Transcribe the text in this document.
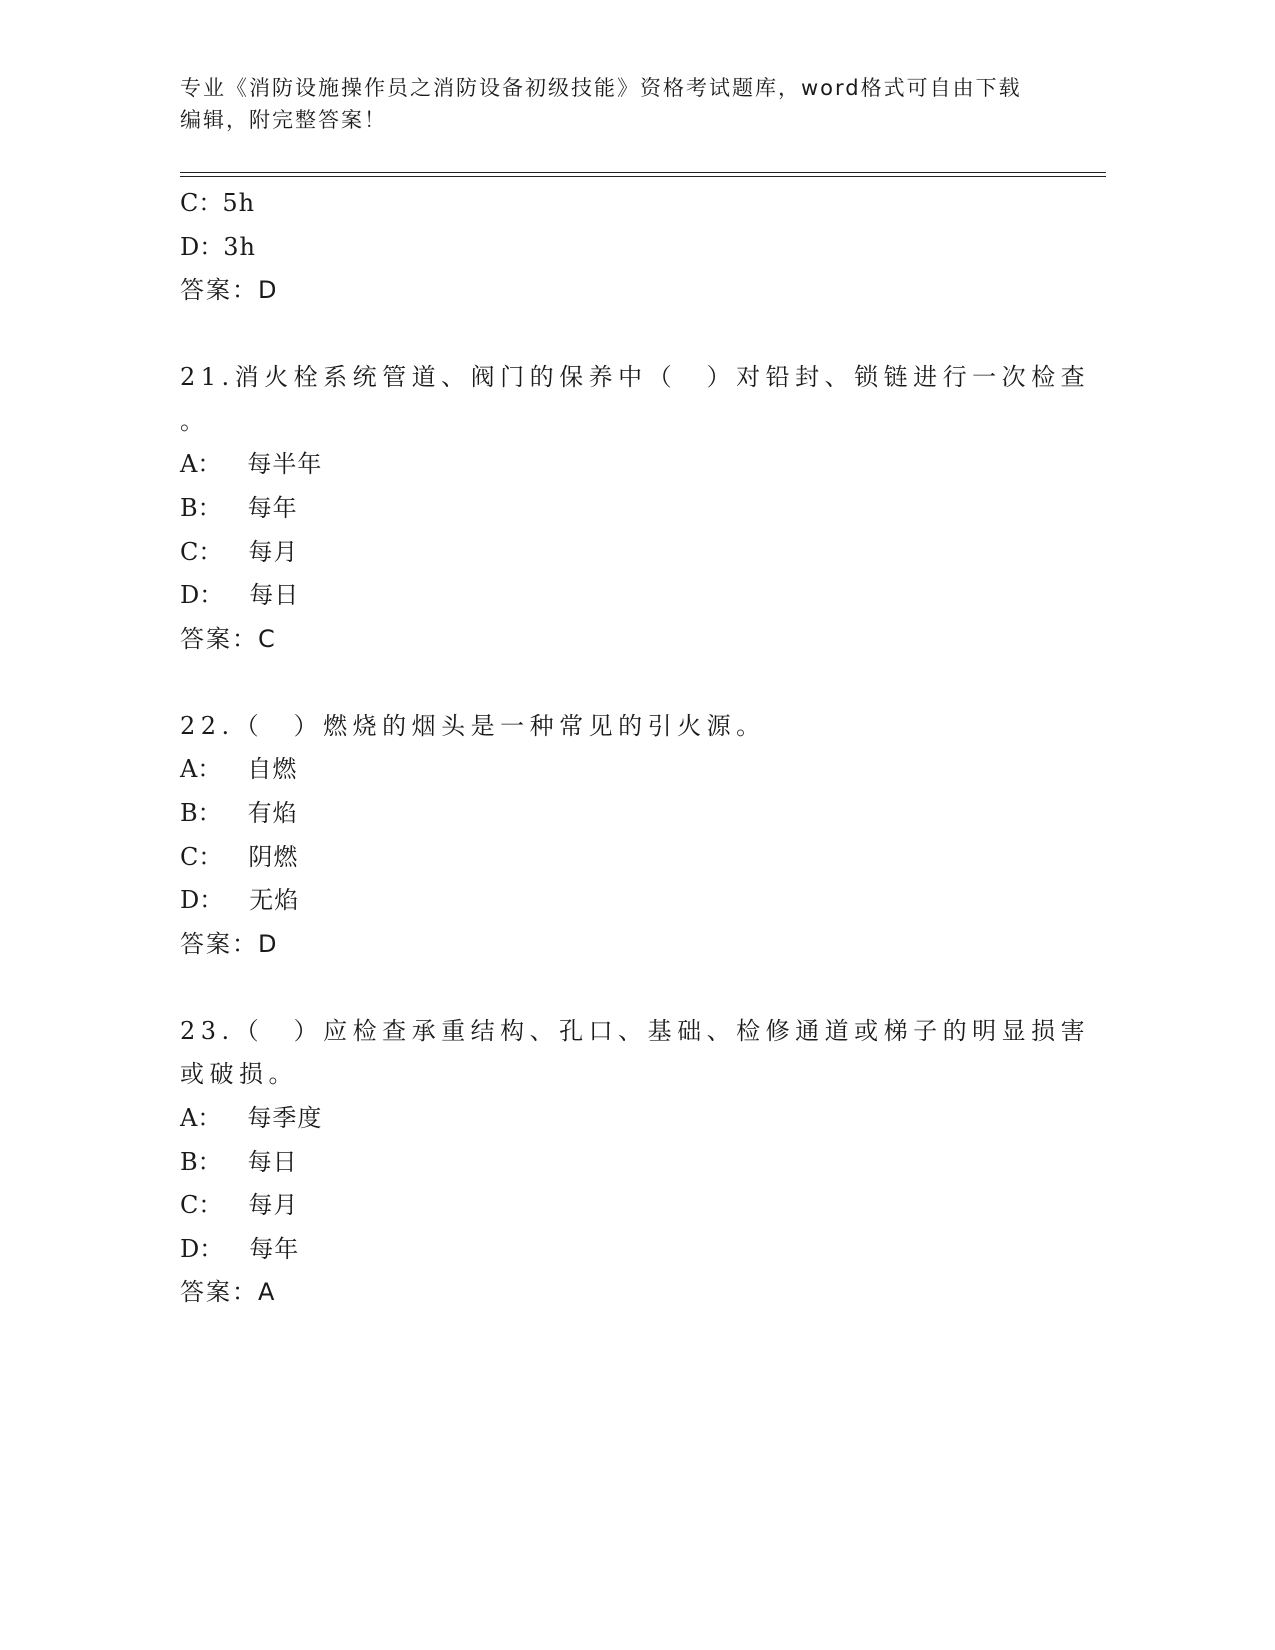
专业《消防设施操作员之消防设备初级技能》资格考试题库，word格式可自由下载编辑，附完整答案！
C：5h
D：3h
答案：D
21.消火栓系统管道、阀门的保养中（　）对铅封、锁链进行一次检查
。
A： 每半年
B： 每年
C： 每月
D： 每日
答案：C
22.（　）燃烧的烟头是一种常见的引火源。
A： 自燃
B： 有焰
C： 阴燃
D： 无焰
答案：D
23.（　）应检查承重结构、孔口、基础、检修通道或梯子的明显损害
或破损。
A： 每季度
B： 每日
C： 每月
D： 每年
答案：A
